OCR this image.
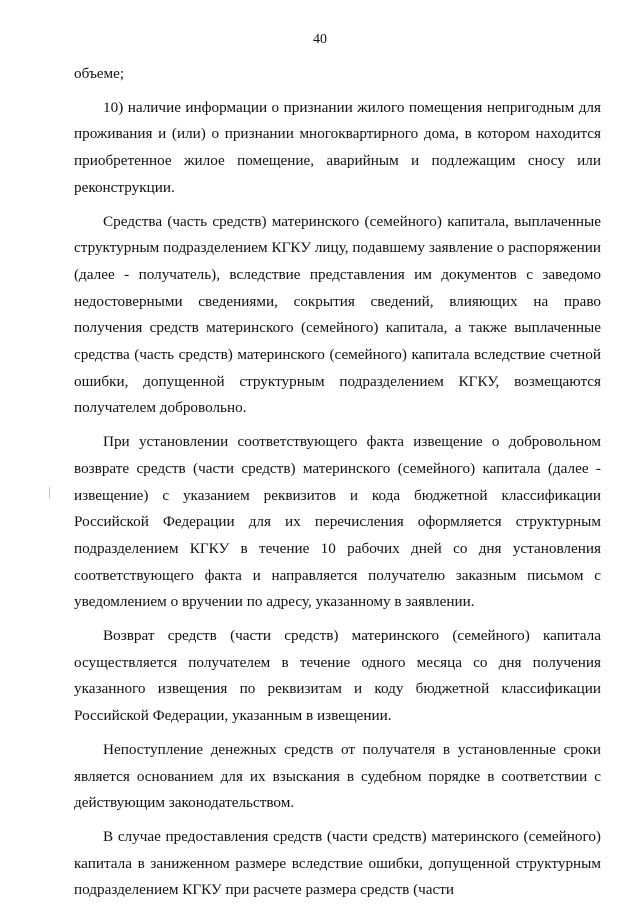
40

объеме;

10) наличие информации о признании жилого помещения непригодным для проживания и (или) о признании многоквартирного дома, в котором находится приобретенное жилое помещение, аварийным и подлежащим сносу или реконструкции.

Средства (часть средств) материнского (семейного) капитала, выплаченные структурным подразделением КГКУ лицу, подавшему заявление о распоряжении (далее - получатель), вследствие представления им документов с заведомо недостоверными сведениями, сокрытия сведений, влияющих на право получения средств материнского (семейного) капитала, а также выплаченные средства (часть средств) материнского (семейного) капитала вследствие счетной ошибки, допущенной структурным подразделением КГКУ, возмещаются получателем добровольно.

При установлении соответствующего факта извещение о добровольном возврате средств (части средств) материнского (семейного) капитала (далее - извещение) с указанием реквизитов и кода бюджетной классификации Российской Федерации для их перечисления оформляется структурным подразделением КГКУ в течение 10 рабочих дней со дня установления соответствующего факта и направляется получателю заказным письмом с уведомлением о вручении по адресу, указанному в заявлении.

Возврат средств (части средств) материнского (семейного) капитала осуществляется получателем в течение одного месяца со дня получения указанного извещения по реквизитам и коду бюджетной классификации Российской Федерации, указанным в извещении.

Непоступление денежных средств от получателя в установленные сроки является основанием для их взыскания в судебном порядке в соответствии с действующим законодательством.

В случае предоставления средств (части средств) материнского (семейного) капитала в заниженном размере вследствие ошибки, допущенной структурным подразделением КГКУ при расчете размера средств (части
